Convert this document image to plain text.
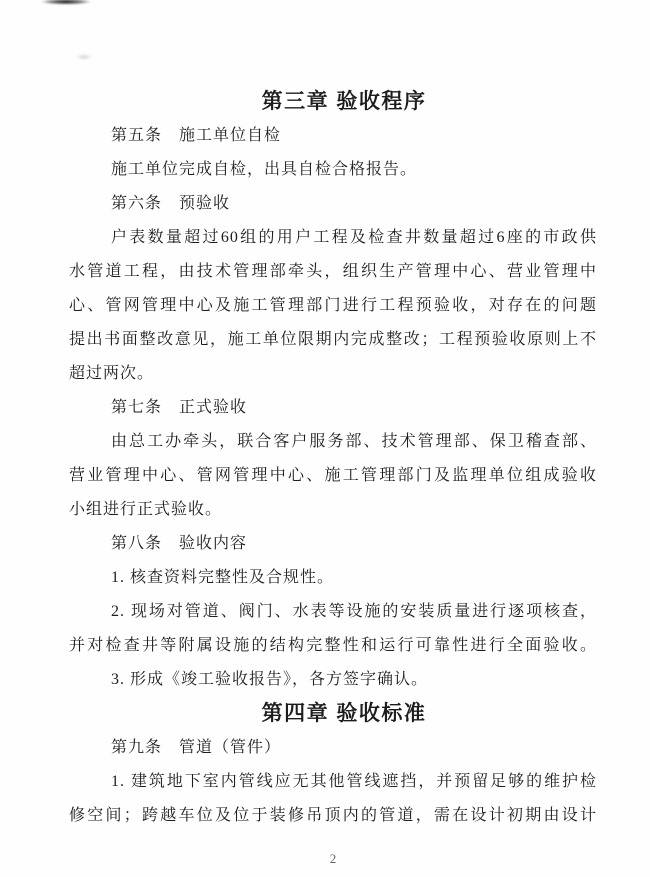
第三章 验收程序
第五条　施工单位自检
施工单位完成自检，出具自检合格报告。
第六条　预验收
户表数量超过60组的用户工程及检查井数量超过6座的市政供
水管道工程，由技术管理部牵头，组织生产管理中心、营业管理中
心、管网管理中心及施工管理部门进行工程预验收，对存在的问题
提出书面整改意见，施工单位限期内完成整改；工程预验收原则上不
超过两次。
第七条　正式验收
由总工办牵头，联合客户服务部、技术管理部、保卫稽查部、
营业管理中心、管网管理中心、施工管理部门及监理单位组成验收
小组进行正式验收。
第八条　验收内容
1. 核查资料完整性及合规性。
2. 现场对管道、阀门、水表等设施的安装质量进行逐项核查，
并对检查井等附属设施的结构完整性和运行可靠性进行全面验收。
3. 形成《竣工验收报告》，各方签字确认。
第四章 验收标准
第九条　管道（管件）
1. 建筑地下室内管线应无其他管线遮挡，并预留足够的维护检
修空间；跨越车位及位于装修吊顶内的管道，需在设计初期由设计
2
